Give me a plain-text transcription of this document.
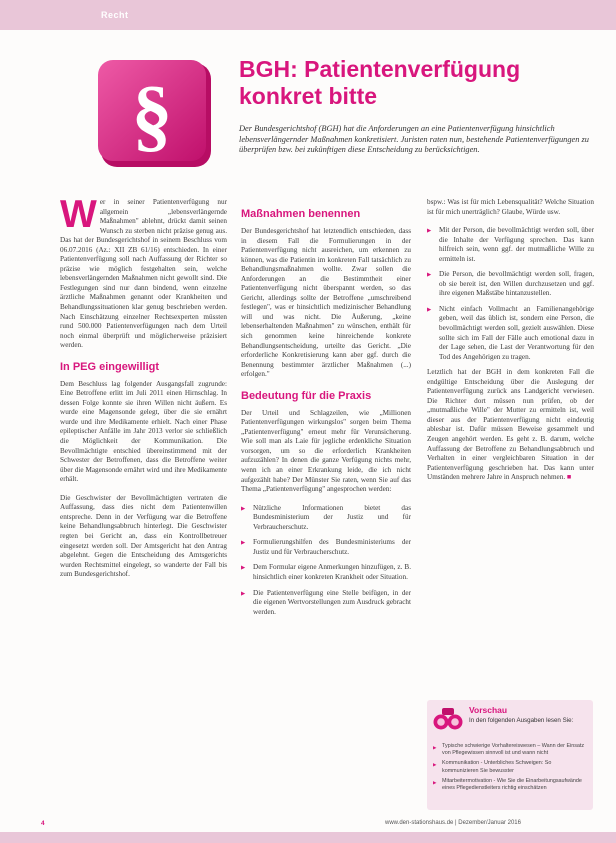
Recht
§	BGH: Patientenverfügung
konkret bitte

Der Bundesgerichtshof (BGH) hat die Anforderungen an eine Patientenverfügung hinsichtlich lebensverlängernder Maßnahmen konkretisiert. Juristen raten nun, bestehende Patientenverfügungen zu überprüfen bzw. bei zukünftigen diese Entscheidung zu berücksichtigen.

Wer in seiner Patientenverfügung nur allgemein „lebensverlängernde Maßnahmen" ablehnt, drückt damit seinen Wunsch zu sterben nicht präzise genug aus. Das hat der Bundesgerichtshof in seinem Beschluss vom 06.07.2016 (Az.: XII ZB 61/16) entschieden. In einer Patientenverfügung soll nach Auffassung der Richter so präzise wie möglich festgehalten sein, welche lebensverlängernden Maßnahmen nicht gewollt sind. Die Festlegungen sind nur dann bindend, wenn einzelne ärztliche Maßnahmen genannt oder Krankheiten und Behandlungssituationen klar genug beschrieben werden. Nach Einschätzung einzelner Rechtsexperten müssten rund 500.000 Patientenverfügungen nach dem Urteil noch einmal überprüft und möglicherweise präzisiert werden.

In PEG eingewilligt

Dem Beschluss lag folgender Ausgangsfall zugrunde: Eine Betroffene erlitt im Juli 2011 einen Hirnschlag. In dessen Folge konnte sie ihren Willen nicht äußern. Es wurde eine Magensonde gelegt, über die sie ernährt wurde und ihre Medikamente erhielt. Nach einer Phase epileptischer Anfälle im Jahr 2013 verlor sie schließlich die Möglichkeit der Kommunikation. Die Bevollmächtigte entschied übereinstimmend mit der Schwester der Betroffenen, dass die Betroffene weiter über die Magensonde ernährt wird und ihre Medikamente erhält.

Die Geschwister der Bevollmächtigten vertraten die Auffassung, dass dies nicht dem Patientenwillen entspreche. Denn in der Verfügung war die Betroffene keine Behandlungsabbruch hinterlegt. Die Geschwister regten bei Gericht an, dass ein Kontrollbetreuer eingesetzt werden soll. Der Amtsgericht hat den Antrag abgelehnt. Gegen die Entscheidung des Amtsgerichts wurden Rechtsmittel eingelegt, so wanderte der Fall bis zum Bundesgerichtshof.

Maßnahmen benennen

Der Bundesgerichtshof hat letztendlich entschieden, dass in diesem Fall die Formulierungen in der Patientenverfügung nicht ausreichen, um erkennen zu können, was die Patientin im konkreten Fall tatsächlich zu Behandlungsmaßnahmen wollte. Zwar sollen die Anforderungen an die Bestimmtheit einer Patientenverfügung nicht überspannt werden, so das Gericht, allerdings sollte der Betroffene „umschreibend festlegen", was er hinsichtlich medizinischer Behandlung will und was nicht. Die Äußerung, „keine lebenserhaltenden Maßnahmen" zu wünschen, enthält für sich genommen keine hinreichende konkrete Behandlungsentscheidung, urteilte das Gericht. „Die erforderliche Konkretisierung kann aber ggf. durch die Benennung bestimmter ärztlicher Maßnahmen (...) erfolgen."

Bedeutung für die Praxis

Der Urteil und Schlagzeilen, wie „Millionen Patientenverfügungen wirkungslos" sorgen beim Thema „Patientenverfügung" erneut mehr für Verunsicherung. Wie soll man als Laie für jegliche erdenkliche Situation vorsorgen, um so die erforderlich Krankheiten aufzuzählen? In denen die ganze Verfügung nichts mehr, wenn ich an einer Erkrankung leide, die ich nicht aufgezählt habe? Der Münster Sie raten, wenn Sie auf das Thema „Patientenverfügung" angesprochen werden:

▶ Nützliche Informationen bietet das Bundesministerium der Justiz und für Verbraucherschutz.
▶ Formulierungshilfen des Bundesministeriums der Justiz und für Verbraucherschutz.
▶ Dem Formular eigene Anmerkungen hinzufügen, z. B. hinsichtlich einer konkreten Krankheit oder Situation.
▶ Die Patientenverfügung eine Stelle beifügen, in der die eigenen Wertvorstellungen zum Ausdruck gebracht werden.

bspw.: Was ist für mich Lebensqualität? Welche Situation ist für mich unerträglich? Glaube, Würde usw.

▶ Mit der Person, die bevollmächtigt werden soll, über die Inhalte der Verfügung sprechen. Das kann hilfreich sein, wenn ggf. der mutmaßliche Wille zu ermitteln ist.
▶ Die Person, die bevollmächtigt werden soll, fragen, ob sie bereit ist, den Willen durchzusetzen und ggf. ihre eigenen Maßstäbe hintanzustellen.
▶ Nicht einfach Vollmacht an Familienangehörige geben, weil das üblich ist, sondern eine Person, die bevollmächtigt werden soll, gezielt auswählen. Diese sollte sich im Fall der Fälle auch emotional dazu in der Lage sehen, die Last der Verantwortung für den Tod des Angehörigen zu tragen.

Letztlich hat der BGH in dem konkreten Fall die endgültige Entscheidung über die Auslegung der Patientenverfügung zurück ans Landgericht verwiesen. Die Richter dort müssen nun prüfen, ob der „mutmaßliche Wille" der Mutter zu ermitteln ist, weil dieser aus der Patientenverfügung nicht eindeutig ablesbar ist. Dafür müssen Beweise gesammelt und Zeugen angehört werden. Es geht z. B. darum, welche Auffassung der Betroffene zu Behandlungsabbruch und Verhalten in einer vergleichbaren Situation in der Patientenverfügung geschrieben hat. Das kann unter Umständen mehrere Jahre in Anspruch nehmen. ■

Vorschau
In den folgenden Ausgaben lesen Sie:
▶ Typische schwierige Vorhaltereiswesen – Wann der Einsatz von Pflegewissen sinnvoll ist und wann nicht
▶ Kommunikation - Unterbliches Schweigen: So kommunizieren Sie bewusster
▶ Mitarbeitermotivation - Wie Sie die Einarbeitungsaufwände eines Pflegedienstleiters richtig einschätzen
4	www.den-stationshaus.de | Dezember/Januar 2016
